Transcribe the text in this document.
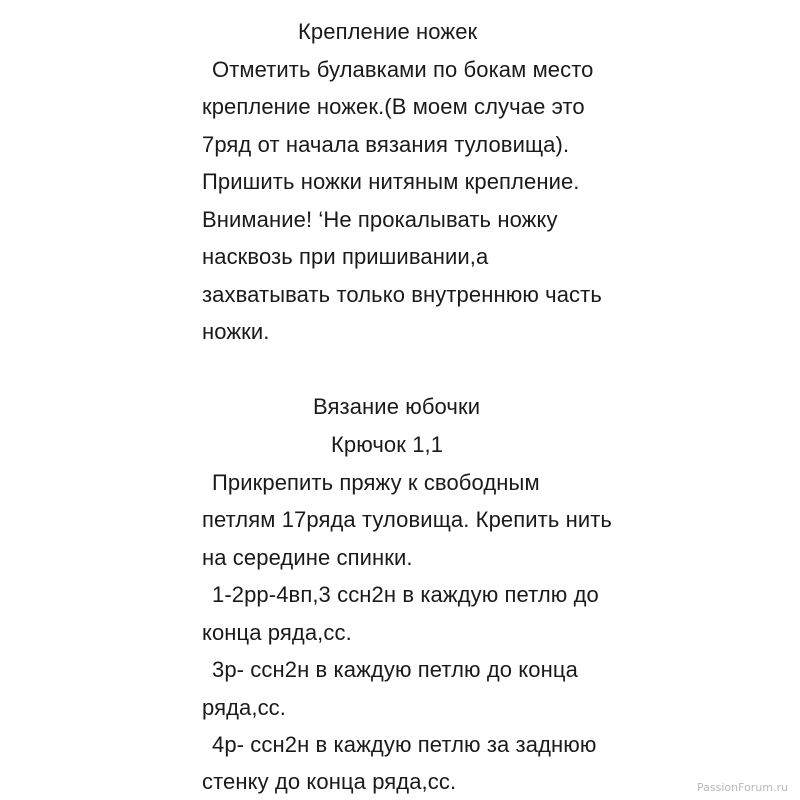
Крепление ножек
Отметить булавками по бокам место
крепление ножек.(В моем случае это
7ряд от начала вязания туловища).
Пришить ножки нитяным крепление.
Внимание! ‘Не прокалывать ножку
насквозь при пришивании,а
захватывать только внутреннюю часть
ножки.
Вязание юбочки
Крючок 1,1
Прикрепить пряжу к свободным
петлям 17ряда туловища. Крепить нить
на середине спинки.
1-2рр-4вп,3 ссн2н в каждую петлю до
конца ряда,сс.
3р- ссн2н в каждую петлю до конца
ряда,сс.
4р- ссн2н в каждую петлю за заднюю
стенку до конца ряда,сс.	PassionForum.ru
